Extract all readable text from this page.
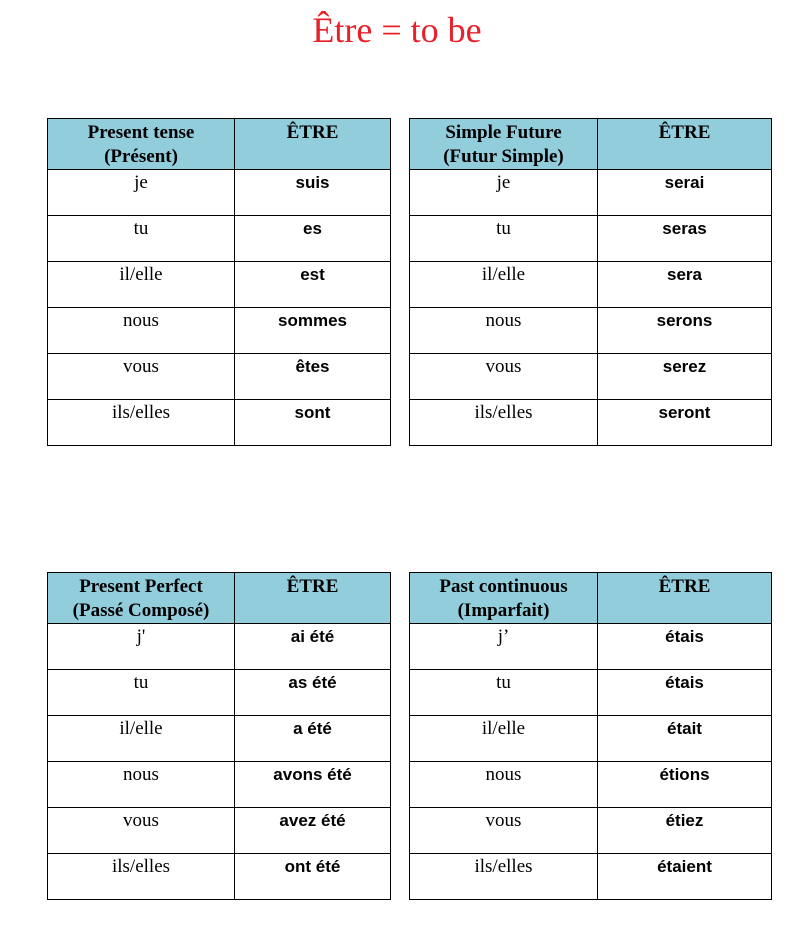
Être = to be
Present tense
(Présent)	ÊTRE
je	suis
tu	es
il/elle	est
nous	sommes
vous	êtes
ils/elles	sont
Simple Future
(Futur Simple)	ÊTRE
je	serai
tu	seras
il/elle	sera
nous	serons
vous	serez
ils/elles	seront
Present Perfect
(Passé Composé)	ÊTRE
j'	ai été
tu	as été
il/elle	a été
nous	avons été
vous	avez été
ils/elles	ont été
Past continuous
(Imparfait)	ÊTRE
j’	étais
tu	étais
il/elle	était
nous	étions
vous	étiez
ils/elles	étaient
